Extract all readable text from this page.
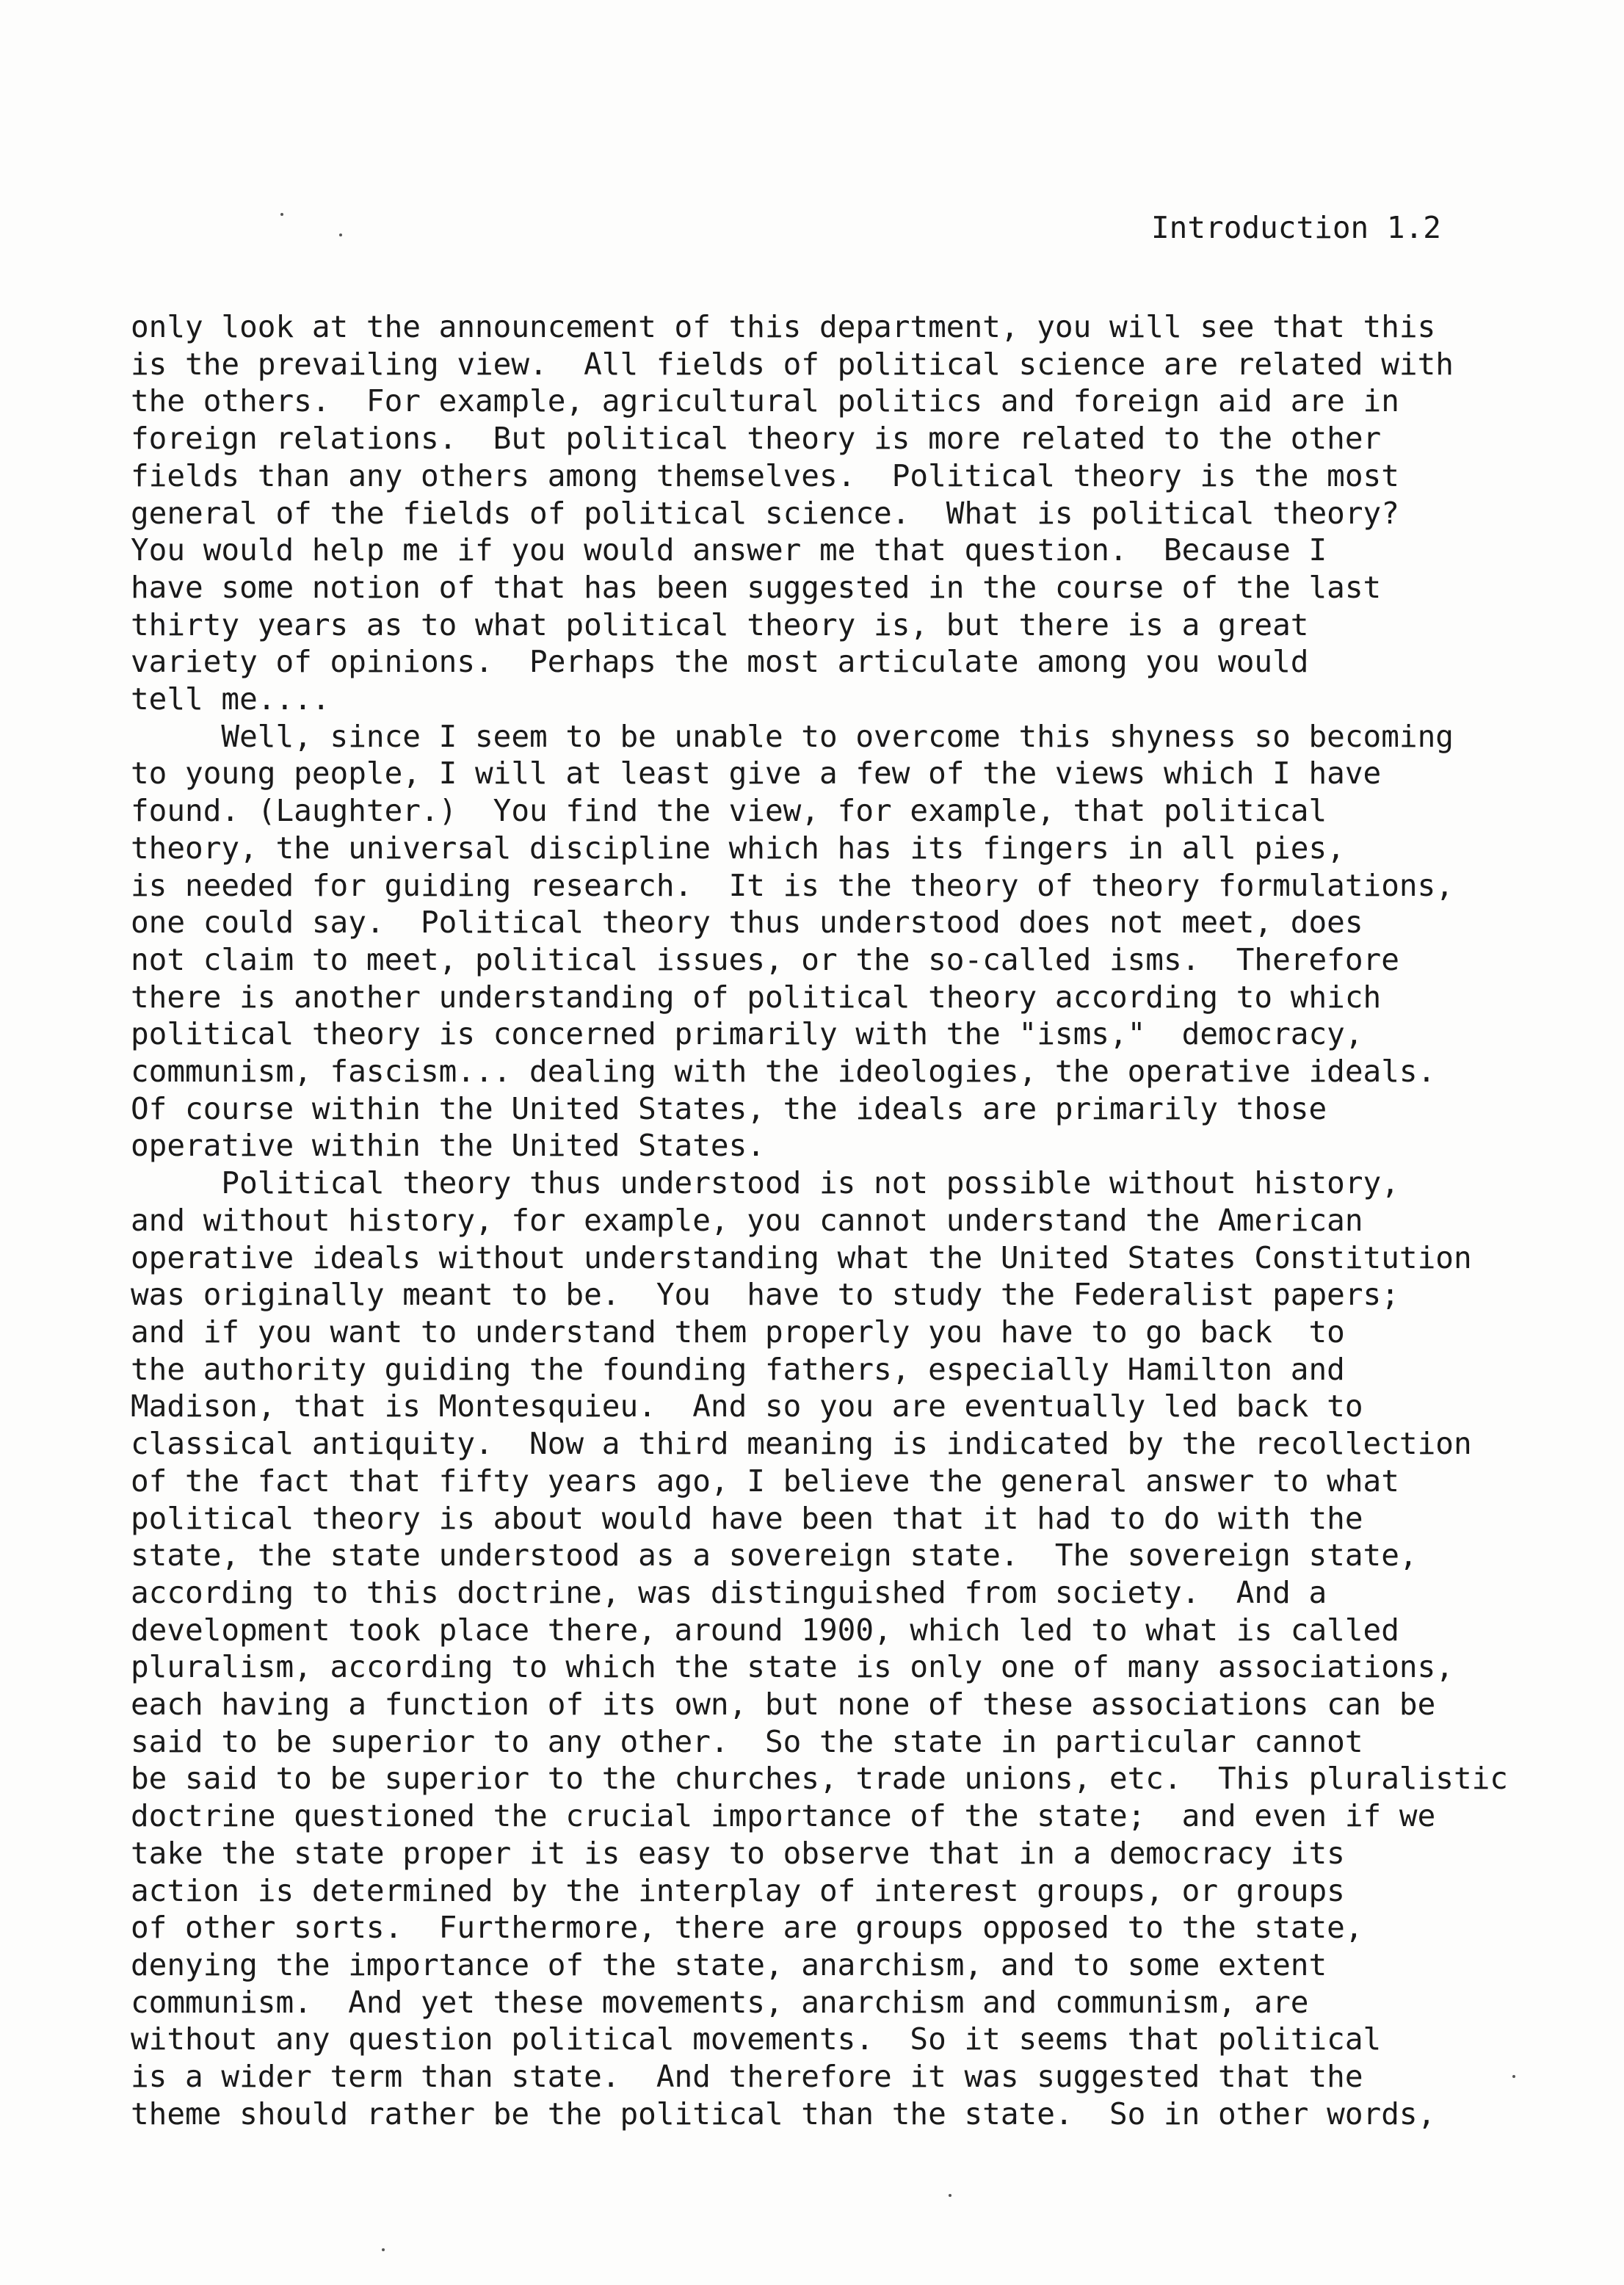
Introduction 1.2
only look at the announcement of this department, you will see that this
is the prevailing view.  All fields of political science are related with
the others.  For example, agricultural politics and foreign aid are in
foreign relations.  But political theory is more related to the other
fields than any others among themselves.  Political theory is the most
general of the fields of political science.  What is political theory?
You would help me if you would answer me that question.  Because I
have some notion of that has been suggested in the course of the last
thirty years as to what political theory is, but there is a great
variety of opinions.  Perhaps the most articulate among you would
tell me....
Well, since I seem to be unable to overcome this shyness so becoming
to young people, I will at least give a few of the views which I have
found. (Laughter.)  You find the view, for example, that political
theory, the universal discipline which has its fingers in all pies,
is needed for guiding research.  It is the theory of theory formulations,
one could say.  Political theory thus understood does not meet, does
not claim to meet, political issues, or the so-called isms.  Therefore
there is another understanding of political theory according to which
political theory is concerned primarily with the "isms,"  democracy,
communism, fascism... dealing with the ideologies, the operative ideals.
Of course within the United States, the ideals are primarily those
operative within the United States.
Political theory thus understood is not possible without history,
and without history, for example, you cannot understand the American
operative ideals without understanding what the United States Constitution
was originally meant to be.  You  have to study the Federalist papers;
and if you want to understand them properly you have to go back  to
the authority guiding the founding fathers, especially Hamilton and
Madison, that is Montesquieu.  And so you are eventually led back to
classical antiquity.  Now a third meaning is indicated by the recollection
of the fact that fifty years ago, I believe the general answer to what
political theory is about would have been that it had to do with the
state, the state understood as a sovereign state.  The sovereign state,
according to this doctrine, was distinguished from society.  And a
development took place there, around 1900, which led to what is called
pluralism, according to which the state is only one of many associations,
each having a function of its own, but none of these associations can be
said to be superior to any other.  So the state in particular cannot
be said to be superior to the churches, trade unions, etc.  This pluralistic
doctrine questioned the crucial importance of the state;  and even if we
take the state proper it is easy to observe that in a democracy its
action is determined by the interplay of interest groups, or groups
of other sorts.  Furthermore, there are groups opposed to the state,
denying the importance of the state, anarchism, and to some extent
communism.  And yet these movements, anarchism and communism, are
without any question political movements.  So it seems that political
is a wider term than state.  And therefore it was suggested that the
theme should rather be the political than the state.  So in other words,
